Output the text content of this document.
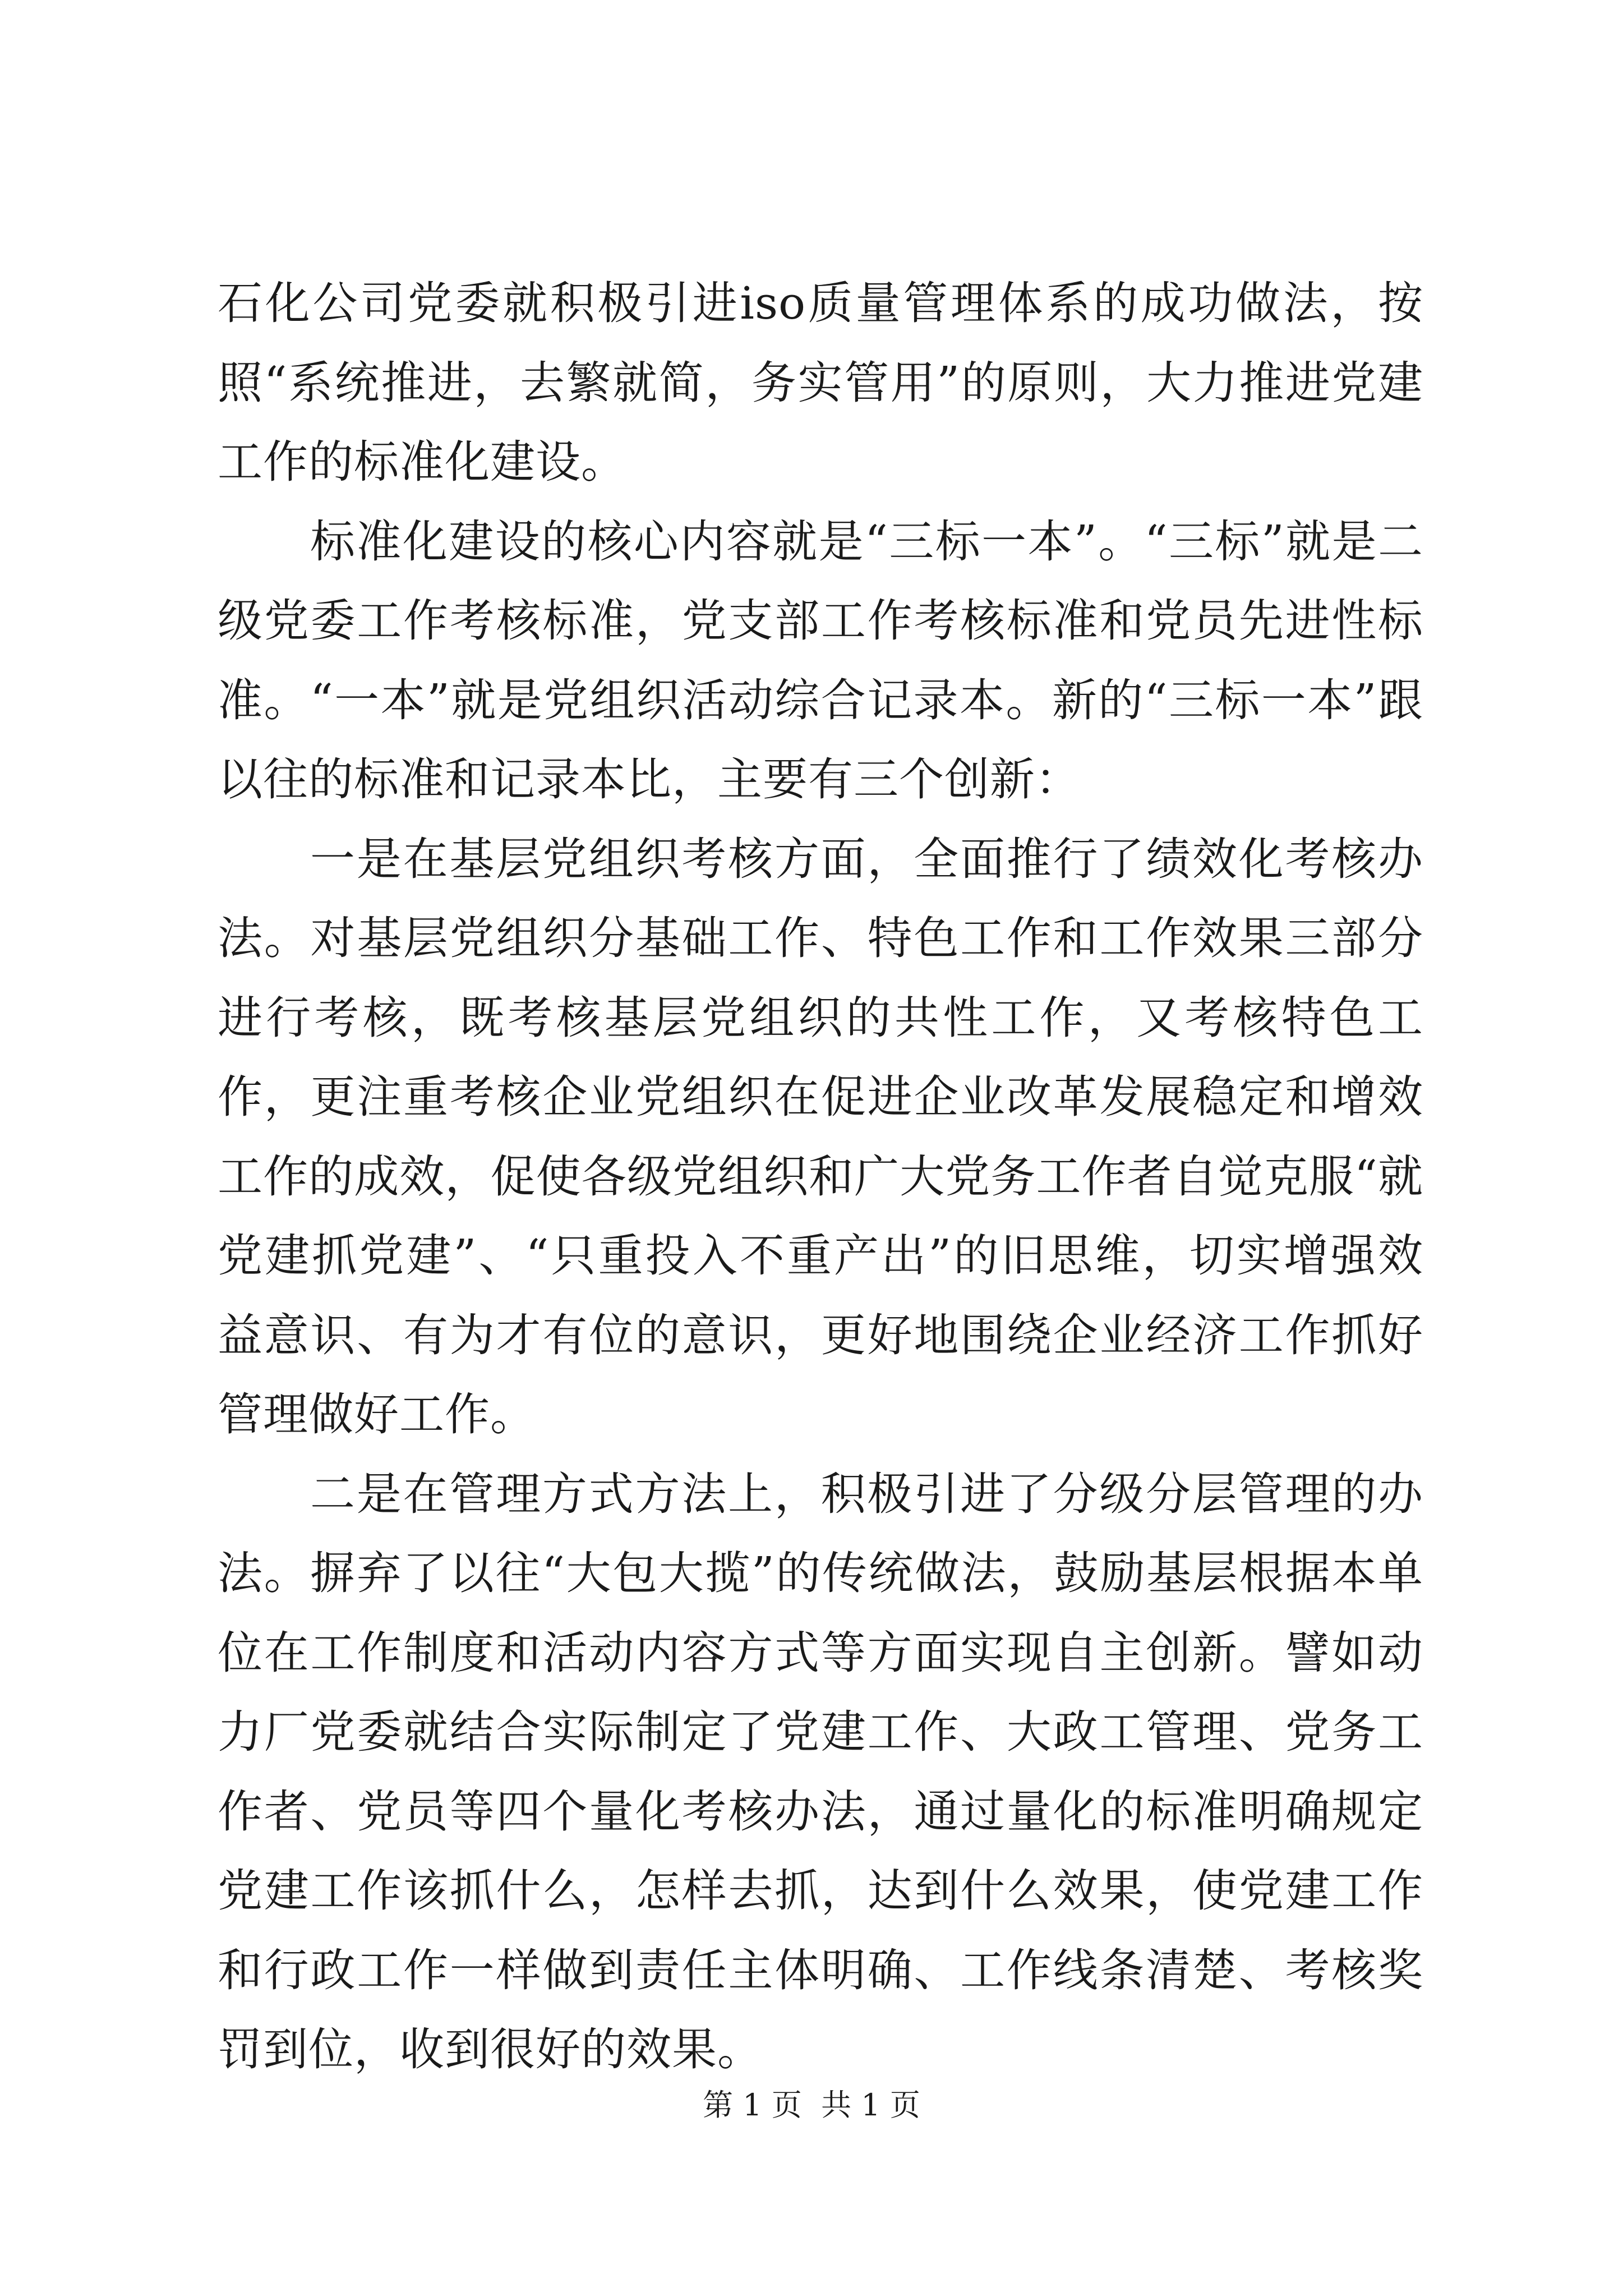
石化公司党委就积极引进iso质量管理体系的成功做法，按照“系统推进，去繁就简，务实管用”的原则，大力推进党建工作的标准化建设。

标准化建设的核心内容就是“三标一本”。“三标”就是二级党委工作考核标准，党支部工作考核标准和党员先进性标准。“一本”就是党组织活动综合记录本。新的“三标一本”跟以往的标准和记录本比，主要有三个创新：

一是在基层党组织考核方面，全面推行了绩效化考核办法。对基层党组织分基础工作、特色工作和工作效果三部分进行考核，既考核基层党组织的共性工作，又考核特色工作，更注重考核企业党组织在促进企业改革发展稳定和增效工作的成效，促使各级党组织和广大党务工作者自觉克服“就党建抓党建”、“只重投入不重产出”的旧思维，切实增强效益意识、有为才有位的意识，更好地围绕企业经济工作抓好管理做好工作。

二是在管理方式方法上，积极引进了分级分层管理的办法。摒弃了以往“大包大揽”的传统做法，鼓励基层根据本单位在工作制度和活动内容方式等方面实现自主创新。譬如动力厂党委就结合实际制定了党建工作、大政工管理、党务工作者、党员等四个量化考核办法，通过量化的标准明确规定党建工作该抓什么，怎样去抓，达到什么效果，使党建工作和行政工作一样做到责任主体明确、工作线条清楚、考核奖罚到位，收到很好的效果。

第 1 页  共 1 页
